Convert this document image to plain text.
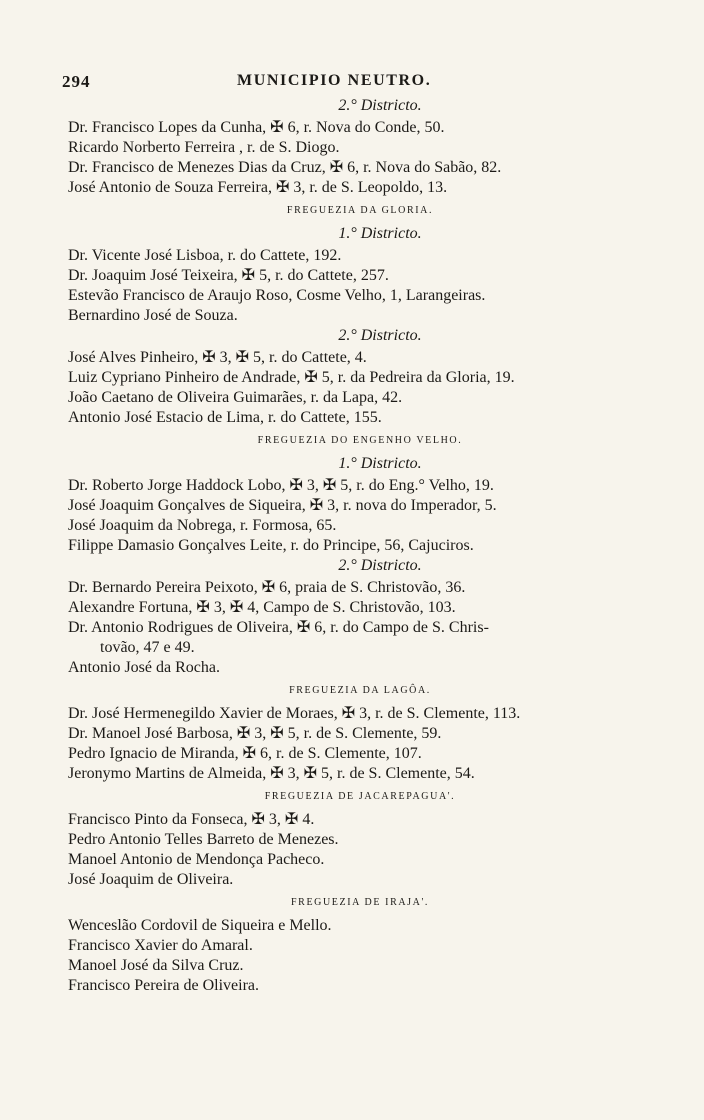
294	MUNICIPIO NEUTRO.
2.° Districto.
Dr. Francisco Lopes da Cunha, ✠ 6, r. Nova do Conde, 50.
Ricardo Norberto Ferreira , r. de S. Diogo.
Dr. Francisco de Menezes Dias da Cruz, ✠ 6, r. Nova do Sabão, 82.
José Antonio de Souza Ferreira, ✠ 3, r. de S. Leopoldo, 13.
FREGUEZIA DA GLORIA.
1.° Districto.
Dr. Vicente José Lisboa, r. do Cattete, 192.
Dr. Joaquim José Teixeira, ✠ 5, r. do Cattete, 257.
Estevão Francisco de Araujo Roso, Cosme Velho, 1, Larangeiras.
Bernardino José de Souza.
2.° Districto.
José Alves Pinheiro, ✠ 3, ✠ 5, r. do Cattete, 4.
Luiz Cypriano Pinheiro de Andrade, ✠ 5, r. da Pedreira da Gloria, 19.
João Caetano de Oliveira Guimarães, r. da Lapa, 42.
Antonio José Estacio de Lima, r. do Cattete, 155.
FREGUEZIA DO ENGENHO VELHO.
1.° Districto.
Dr. Roberto Jorge Haddock Lobo, ✠ 3, ✠ 5, r. do Eng.° Velho, 19.
José Joaquim Gonçalves de Siqueira, ✠ 3, r. nova do Imperador, 5.
José Joaquim da Nobrega, r. Formosa, 65.
Filippe Damasio Gonçalves Leite, r. do Principe, 56, Cajuciros.
2.° Districto.
Dr. Bernardo Pereira Peixoto, ✠ 6, praia de S. Christovão, 36.
Alexandre Fortuna, ✠ 3, ✠ 4, Campo de S. Christovão, 103.
Dr. Antonio Rodrigues de Oliveira, ✠ 6, r. do Campo de S. Chris-
tovão, 47 e 49.
Antonio José da Rocha.
FREGUEZIA DA LAGÔA.
Dr. José Hermenegildo Xavier de Moraes, ✠ 3, r. de S. Clemente, 113.
Dr. Manoel José Barbosa, ✠ 3, ✠ 5, r. de S. Clemente, 59.
Pedro Ignacio de Miranda, ✠ 6, r. de S. Clemente, 107.
Jeronymo Martins de Almeida, ✠ 3, ✠ 5, r. de S. Clemente, 54.
FREGUEZIA DE JACAREPAGUA'.
Francisco Pinto da Fonseca, ✠ 3, ✠ 4.
Pedro Antonio Telles Barreto de Menezes.
Manoel Antonio de Mendonça Pacheco.
José Joaquim de Oliveira.
FREGUEZIA DE IRAJA'.
Wenceslão Cordovil de Siqueira e Mello.
Francisco Xavier do Amaral.
Manoel José da Silva Cruz.
Francisco Pereira de Oliveira.
